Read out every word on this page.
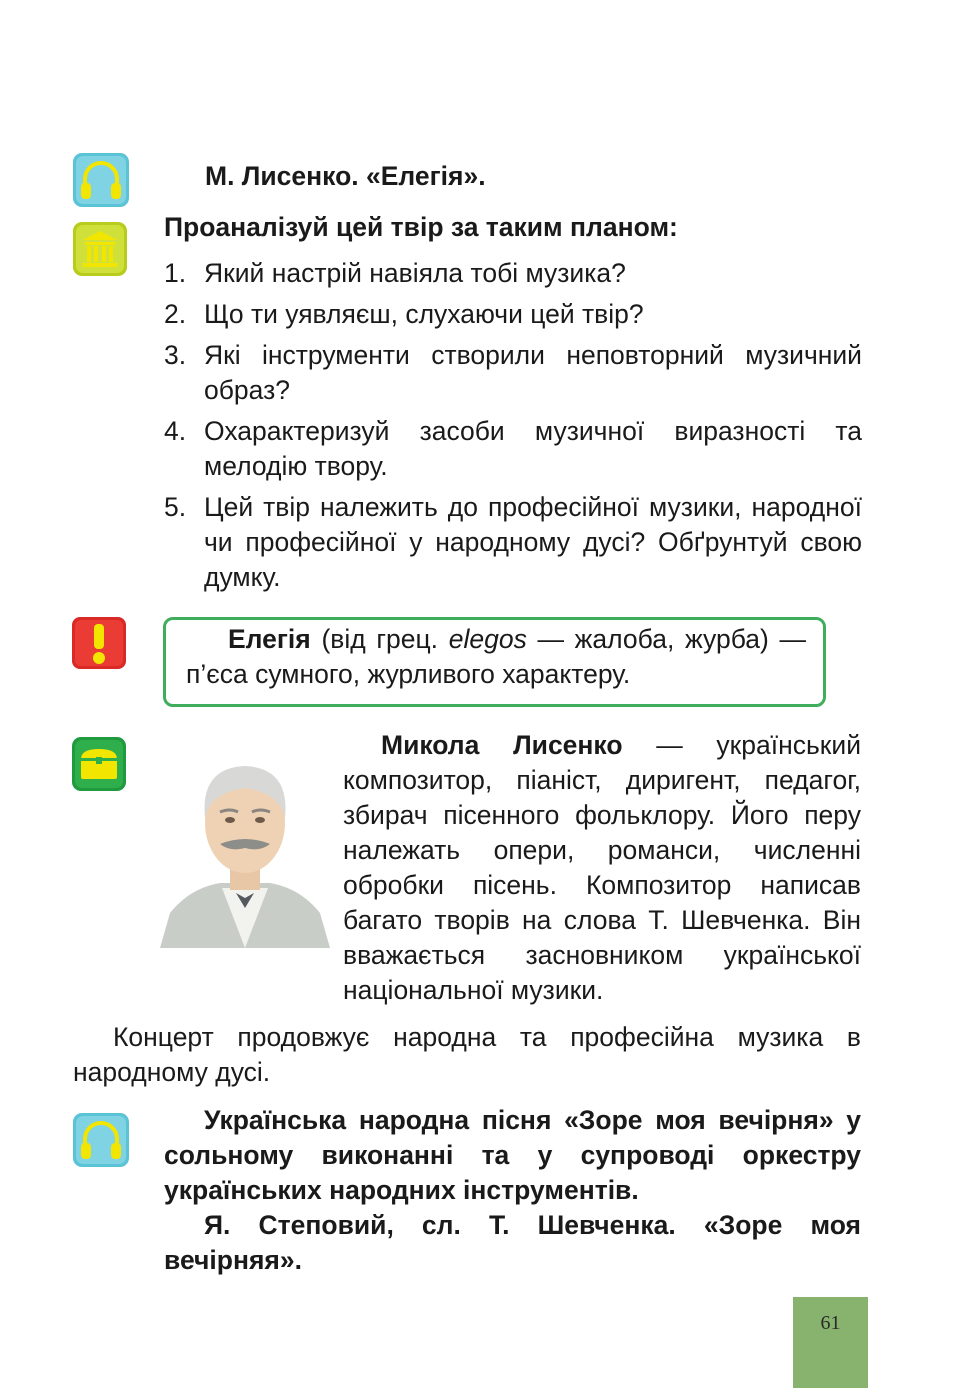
М. Лисенко. «Елегія».
Проаналізуй цей твір за таким планом:
1. Який настрій навіяла тобі музика?
2. Що ти уявляєш, слухаючи цей твір?
3. Які інструменти створили неповторний музичний образ?
4. Охарактеризуй засоби музичної виразності та мелодію твору.
5. Цей твір належить до професійної музики, народної чи професійної у народному дусі? Обґрунтуй свою думку.
Елегія (від грец. elegos — жалоба, журба) — п’єса сумного, журливого характеру.
Микола Лисенко — український композитор, піаніст, диригент, педагог, збирач пісенного фольклору. Його перу належать опери, романси, численні обробки пісень. Композитор написав багато творів на слова Т. Шевченка. Він вважається засновником української національної музики.
Концерт продовжує народна та професійна музика в народному дусі.
Українська народна пісня «Зоре моя вечірня» у сольному виконанні та у супроводі оркестру українських народних інструментів.
Я. Степовий, сл. Т. Шевченка. «Зоре моя вечірняя».
61
